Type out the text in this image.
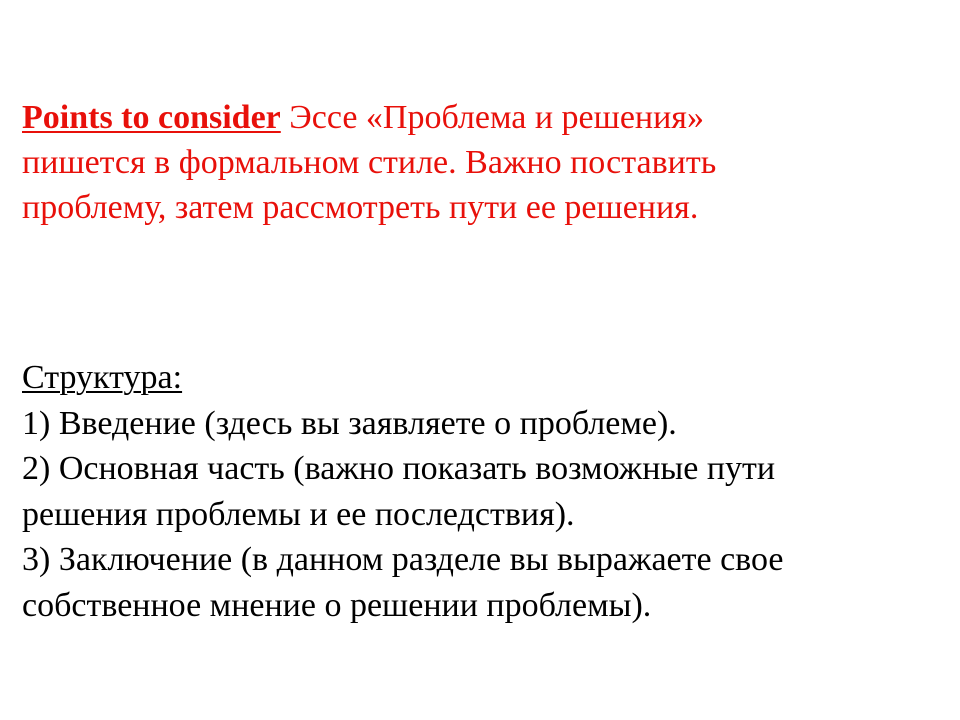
Points to consider Эссе «Проблема и решения»
пишется в формальном стиле. Важно поставить
проблему, затем рассмотреть пути ее решения.
Структура:
1) Введение (здесь вы заявляете о проблеме).
2) Основная часть (важно показать возможные пути
решения проблемы и ее последствия).
3) Заключение (в данном разделе вы выражаете свое
собственное мнение о решении проблемы).
